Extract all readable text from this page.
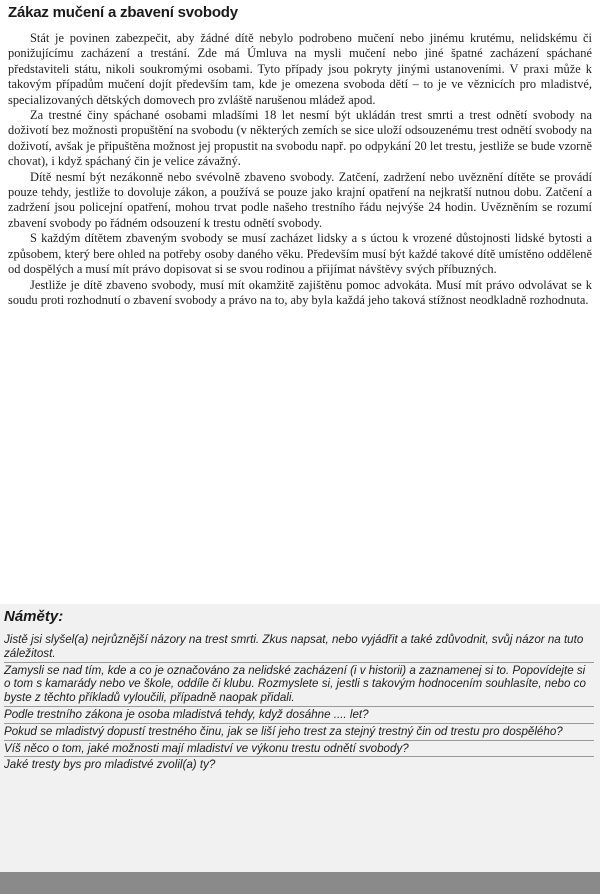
Zákaz mučení a zbavení svobody

Stát je povinen zabezpečit, aby žádné dítě nebylo podrobeno mučení nebo jinému krutému, nelidskému či ponižujícímu zacházení a trestání. Zde má Úmluva na mysli mučení nebo jiné špatné zacházení spáchané představiteli státu, nikoli soukromými osobami. Tyto případy jsou pokryty jinými ustanoveními. V praxi může k takovým případům mučení dojít především tam, kde je omezena svoboda dětí – to je ve věznicích pro mladistvé, specializovaných dětských domovech pro zvláště narušenou mládež apod.

Za trestné činy spáchané osobami mladšími 18 let nesmí být ukládán trest smrti a trest odnětí svobody na doživotí bez možnosti propuštění na svobodu (v některých zemích se sice uloží odsouzenému trest odnětí svobody na doživotí, avšak je připuštěna možnost jej propustit na svobodu např. po odpykání 20 let trestu, jestliže se bude vzorně chovat), i když spáchaný čin je velice závažný.

Dítě nesmí být nezákonně nebo svévolně zbaveno svobody. Zatčení, zadržení nebo uvěznění dítěte se provádí pouze tehdy, jestliže to dovoluje zákon, a používá se pouze jako krajní opatření na nejkratší nutnou dobu. Zatčení a zadržení jsou policejní opatření, mohou trvat podle našeho trestního řádu nejvýše 24 hodin. Uvězněním se rozumí zbavení svobody po řádném odsouzení k trestu odnětí svobody.

S každým dítětem zbaveným svobody se musí zacházet lidsky a s úctou k vrozené důstojnosti lidské bytosti a způsobem, který bere ohled na potřeby osoby daného věku. Především musí být každé takové dítě umístěno odděleně od dospělých a musí mít právo dopisovat si se svou rodinou a přijímat návštěvy svých příbuzných.

Jestliže je dítě zbaveno svobody, musí mít okamžitě zajištěnu pomoc advokáta. Musí mít právo odvolávat se k soudu proti rozhodnutí o zbavení svobody a právo na to, aby byla každá jeho taková stížnost neodkladně rozhodnuta.

Náměty:

Jistě jsi slyšel(a) nejrůznější názory na trest smrti. Zkus napsat, nebo vyjádřit a také zdůvodnit, svůj názor na tuto záležitost.

Zamysli se nad tím, kde a co je označováno za nelidské zacházení (i v historii) a zaznamenej si to. Popovídejte si o tom s kamarády nebo ve škole, oddíle či klubu. Rozmyslete si, jestli s takovým hodnocením souhlasíte, nebo co byste z těchto příkladů vyloučili, případně naopak přidali.

Podle trestního zákona je osoba mladistvá tehdy, když dosáhne .... let?

Pokud se mladistvý dopustí trestného činu, jak se liší jeho trest za stejný trestný čin od trestu pro dospělého?

Víš něco o tom, jaké možnosti mají mladiství ve výkonu trestu odnětí svobody?

Jaké tresty bys pro mladistvé zvolil(a) ty?
